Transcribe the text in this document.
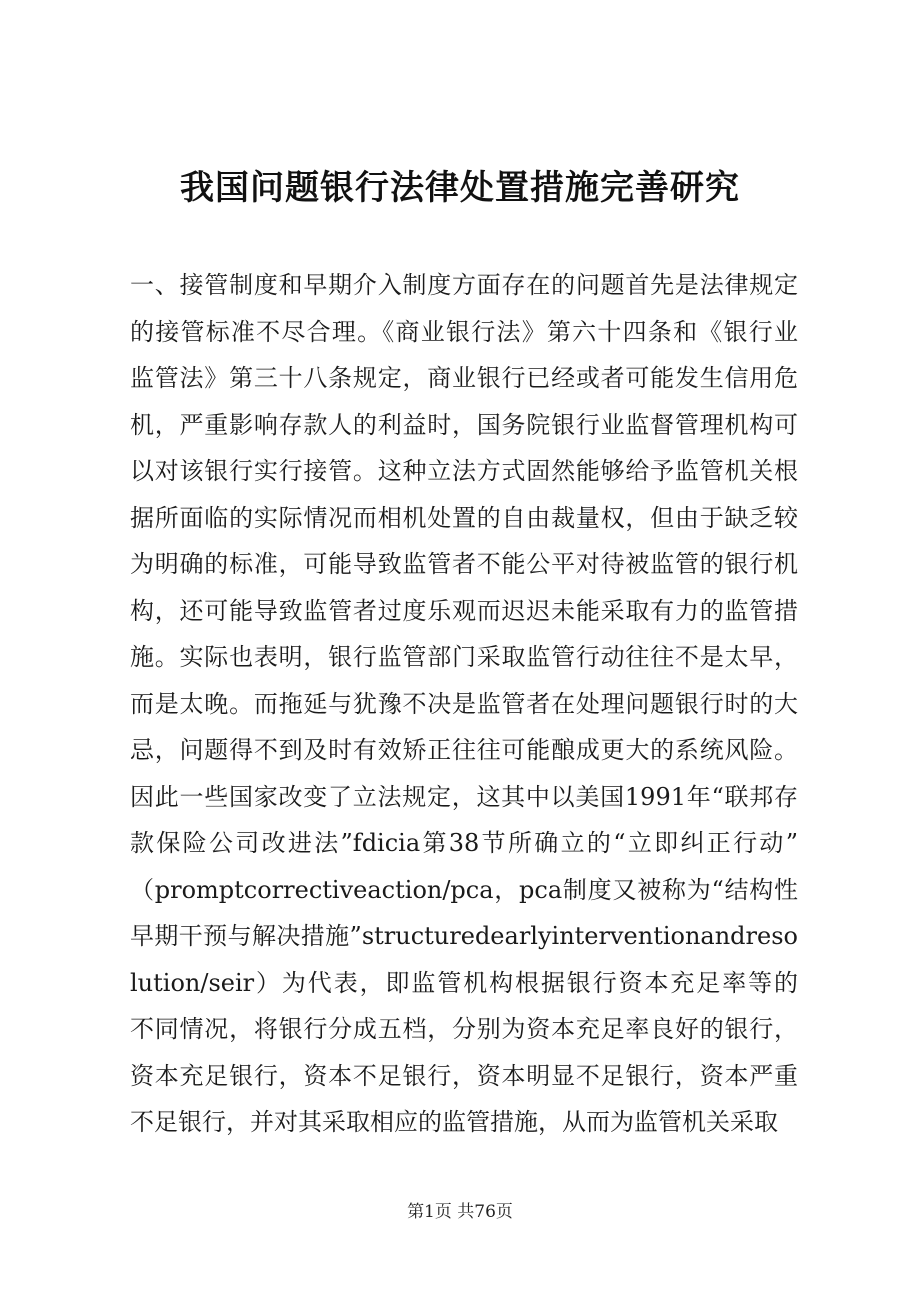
我国问题银行法律处置措施完善研究
一、接管制度和早期介入制度方面存在的问题首先是法律规定
的接管标准不尽合理。《商业银行法》第六十四条和《银行业
监管法》第三十八条规定，商业银行已经或者可能发生信用危
机，严重影响存款人的利益时，国务院银行业监督管理机构可
以对该银行实行接管。这种立法方式固然能够给予监管机关根
据所面临的实际情况而相机处置的自由裁量权，但由于缺乏较
为明确的标准，可能导致监管者不能公平对待被监管的银行机
构，还可能导致监管者过度乐观而迟迟未能采取有力的监管措
施。实际也表明，银行监管部门采取监管行动往往不是太早，
而是太晚。而拖延与犹豫不决是监管者在处理问题银行时的大
忌，问题得不到及时有效矫正往往可能酿成更大的系统风险。
因此一些国家改变了立法规定，这其中以美国1991年“联邦存
款保险公司改进法”fdicia第38节所确立的“立即纠正行动”
（promptcorrectiveaction/pca，pca制度又被称为“结构性
早期干预与解决措施”structuredearlyinterventionandreso
lution/seir）为代表，即监管机构根据银行资本充足率等的
不同情况，将银行分成五档，分别为资本充足率良好的银行，
资本充足银行，资本不足银行，资本明显不足银行，资本严重
不足银行，并对其采取相应的监管措施，从而为监管机关采取
第1页 共76页
